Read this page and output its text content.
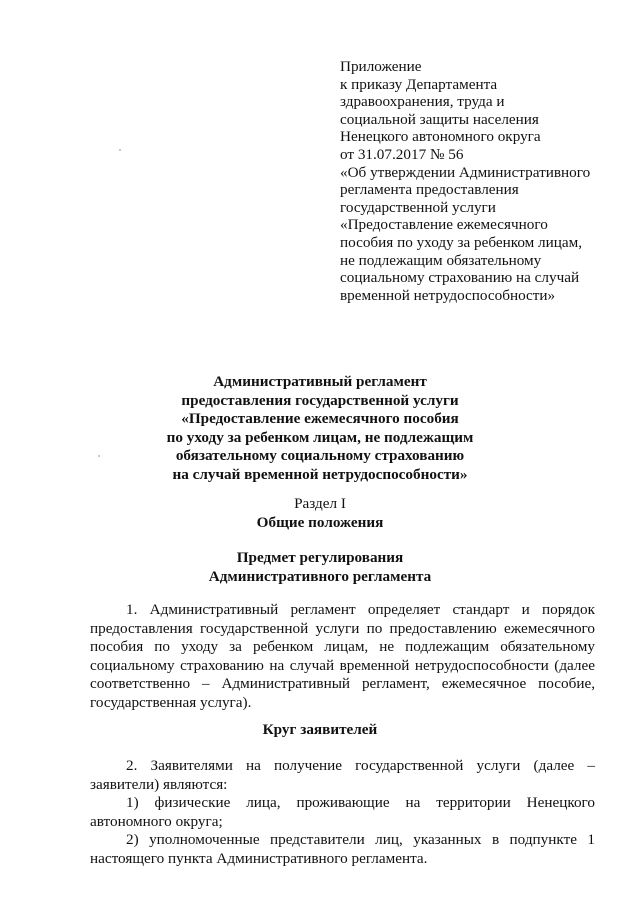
Приложение
к приказу Департамента
здравоохранения, труда и
социальной защиты населения
Ненецкого автономного округа
от 31.07.2017 № 56
«Об утверждении Административного
регламента предоставления
государственной услуги
«Предоставление ежемесячного
пособия по уходу за ребенком лицам,
не подлежащим обязательному
социальному страхованию на случай
временной нетрудоспособности»
Административный регламент
предоставления государственной услуги
«Предоставление ежемесячного пособия
по уходу за ребенком лицам, не подлежащим
обязательному социальному страхованию
на случай временной нетрудоспособности»
Раздел I
Общие положения
Предмет регулирования
Административного регламента
1. Административный регламент определяет стандарт и порядок предоставления государственной услуги по предоставлению ежемесячного пособия по уходу за ребенком лицам, не подлежащим обязательному социальному страхованию на случай временной нетрудоспособности (далее соответственно – Административный регламент, ежемесячное пособие, государственная услуга).
Круг заявителей
2. Заявителями на получение государственной услуги (далее – заявители) являются:
1) физические лица, проживающие на территории Ненецкого автономного округа;
2) уполномоченные представители лиц, указанных в подпункте 1 настоящего пункта Административного регламента.
